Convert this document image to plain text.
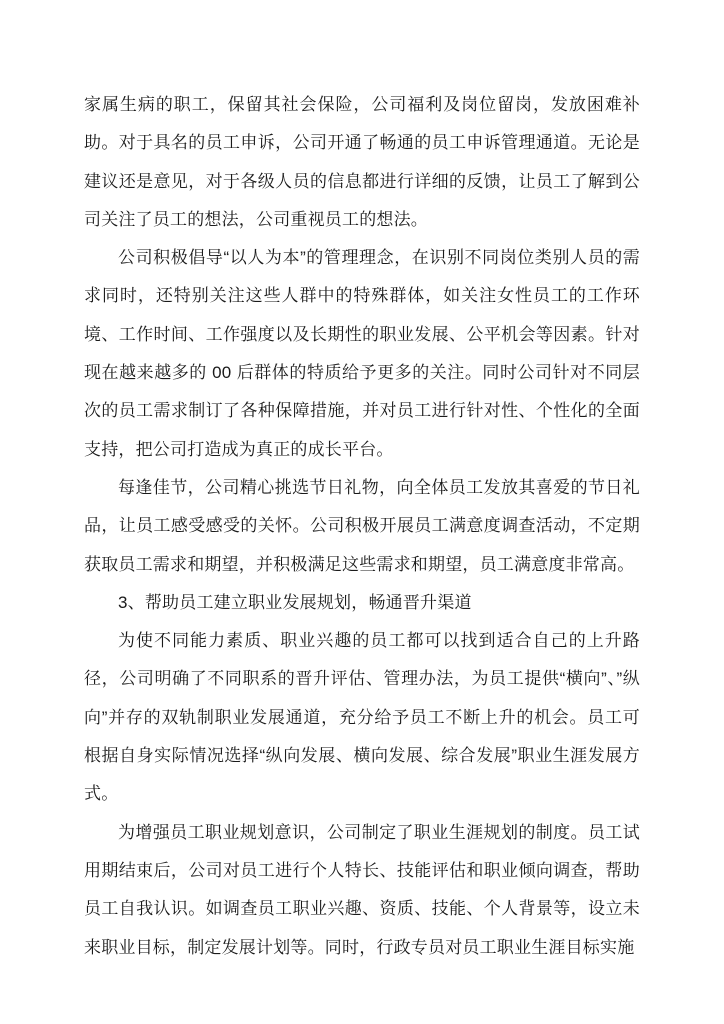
家属生病的职工，保留其社会保险，公司福利及岗位留岗，发放困难补助。对于具名的员工申诉，公司开通了畅通的员工申诉管理通道。无论是建议还是意见，对于各级人员的信息都进行详细的反馈，让员工了解到公司关注了员工的想法，公司重视员工的想法。

公司积极倡导“以人为本”的管理理念，在识别不同岗位类别人员的需求同时，还特别关注这些人群中的特殊群体，如关注女性员工的工作环境、工作时间、工作强度以及长期性的职业发展、公平机会等因素。针对现在越来越多的 00 后群体的特质给予更多的关注。同时公司针对不同层次的员工需求制订了各种保障措施，并对员工进行针对性、个性化的全面支持，把公司打造成为真正的成长平台。

每逢佳节，公司精心挑选节日礼物，向全体员工发放其喜爱的节日礼品，让员工感受感受的关怀。公司积极开展员工满意度调查活动，不定期获取员工需求和期望，并积极满足这些需求和期望，员工满意度非常高。

3、帮助员工建立职业发展规划，畅通晋升渠道

为使不同能力素质、职业兴趣的员工都可以找到适合自己的上升路径，公司明确了不同职系的晋升评估、管理办法，为员工提供“横向”、”纵向”并存的双轨制职业发展通道，充分给予员工不断上升的机会。员工可根据自身实际情况选择“纵向发展、横向发展、综合发展”职业生涯发展方式。

为增强员工职业规划意识，公司制定了职业生涯规划的制度。员工试用期结束后，公司对员工进行个人特长、技能评估和职业倾向调查，帮助员工自我认识。如调查员工职业兴趣、资质、技能、个人背景等，设立未来职业目标，制定发展计划等。同时，行政专员对员工职业生涯目标实施
